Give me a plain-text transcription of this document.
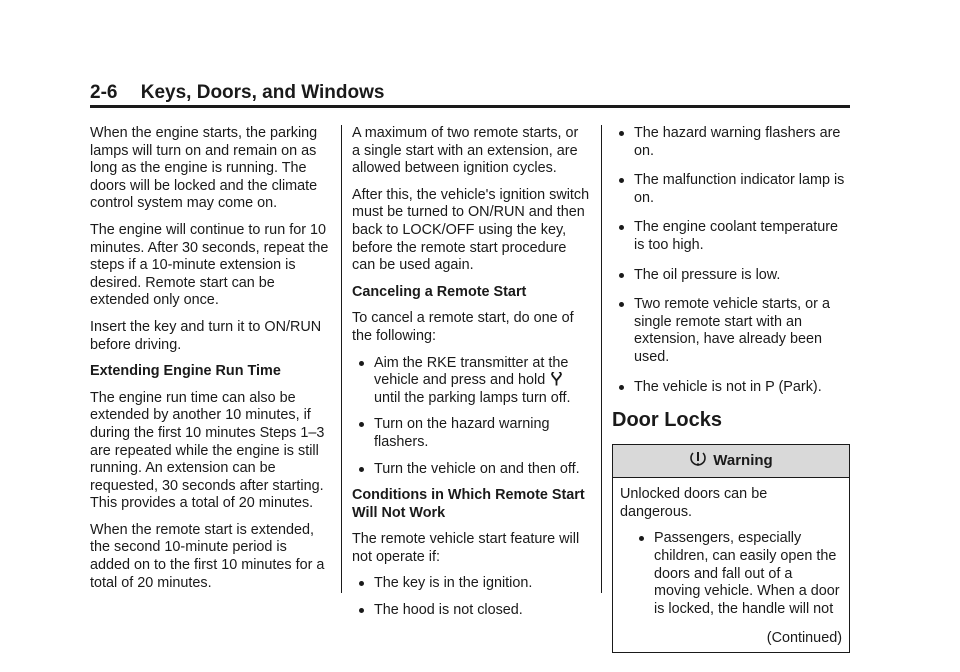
2-6 Keys, Doors, and Windows

When the engine starts, the parking lamps will turn on and remain on as long as the engine is running. The doors will be locked and the climate control system may come on.

The engine will continue to run for 10 minutes. After 30 seconds, repeat the steps if a 10-minute extension is desired. Remote start can be extended only once.

Insert the key and turn it to ON/RUN before driving.

Extending Engine Run Time

The engine run time can also be extended by another 10 minutes, if during the first 10 minutes Steps 1–3 are repeated while the engine is still running. An extension can be requested, 30 seconds after starting. This provides a total of 20 minutes.

When the remote start is extended, the second 10-minute period is added on to the first 10 minutes for a total of 20 minutes.

A maximum of two remote starts, or a single start with an extension, are allowed between ignition cycles.

After this, the vehicle's ignition switch must be turned to ON/RUN and then back to LOCK/OFF using the key, before the remote start procedure can be used again.

Canceling a Remote Start

To cancel a remote start, do one of the following:

Aim the RKE transmitter at the vehicle and press and hold
until the parking lamps turn off.
Turn on the hazard warning flashers.
Turn the vehicle on and then off.
Conditions in Which Remote Start Will Not Work

The remote vehicle start feature will not operate if:

The key is in the ignition.
The hood is not closed.
The hazard warning flashers are on.
The malfunction indicator lamp is on.
The engine coolant temperature is too high.
The oil pressure is low.
Two remote vehicle starts, or a single remote start with an extension, have already been used.
The vehicle is not in P (Park).
Door Locks
Warning

Unlocked doors can be dangerous.

Passengers, especially children, can easily open the doors and fall out of a moving vehicle. When a door is locked, the handle will not
(Continued)
